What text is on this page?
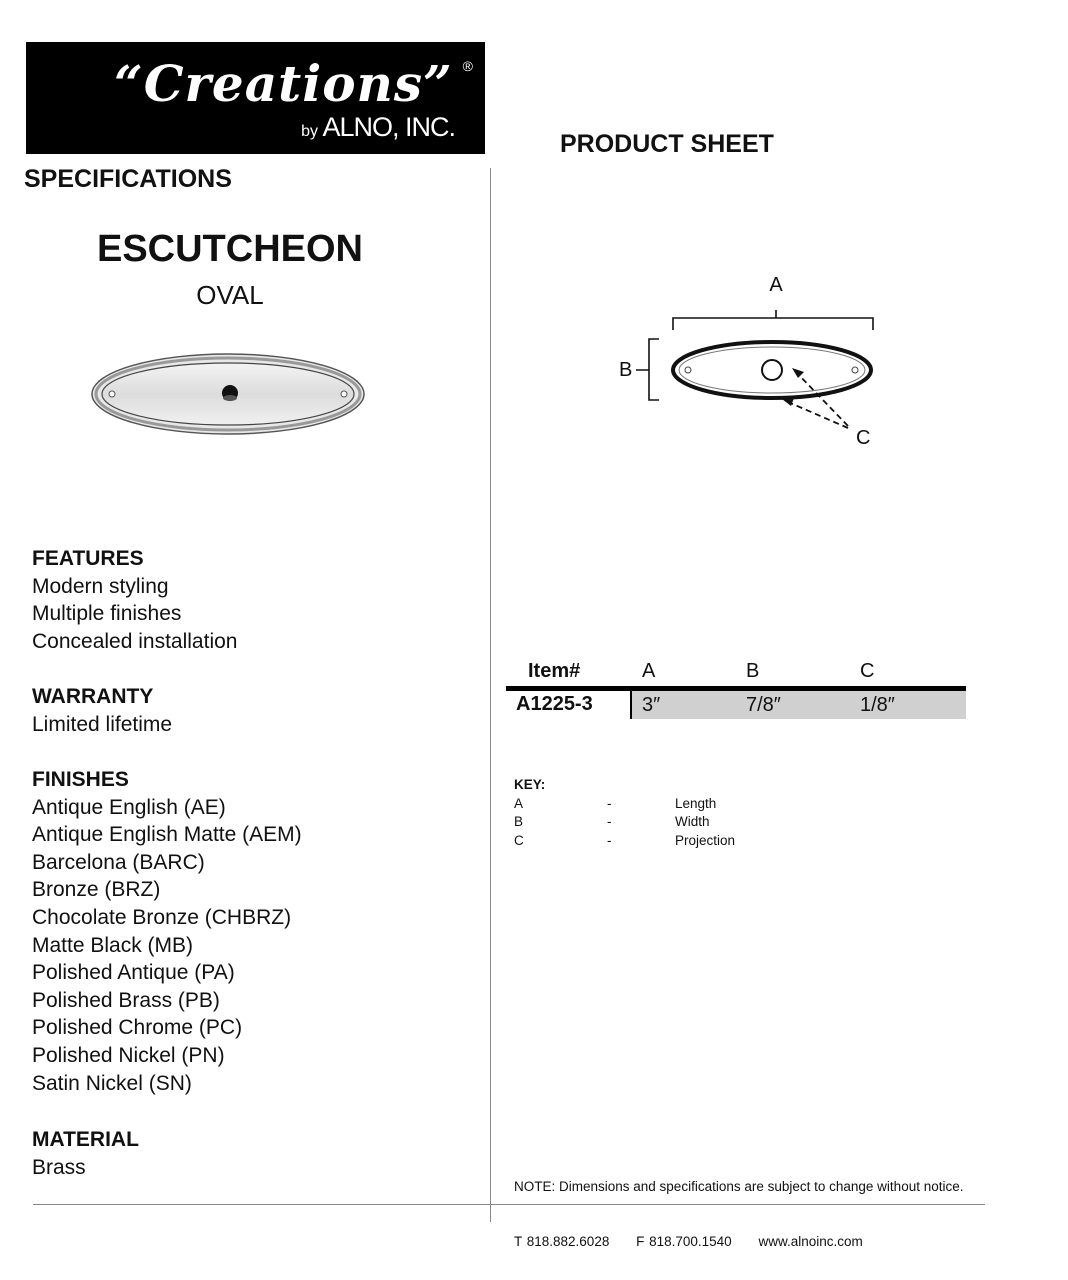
“Creations” ®
by ALNO, INC.
PRODUCT SHEET
SPECIFICATIONS
ESCUTCHEON
OVAL	A
B
C
FEATURES
Modern styling
Multiple finishes
Concealed installation
WARRANTY
Limited lifetime
FINISHES
Antique English (AE)
Antique English Matte (AEM)
Barcelona (BARC)
Bronze (BRZ)
Chocolate Bronze (CHBRZ)
Matte Black (MB)
Polished Antique (PA)
Polished Brass (PB)
Polished Chrome (PC)
Polished Nickel (PN)
Satin Nickel (SN)
MATERIAL
Brass
Item#	A	B	C
A1225-3 3″	7/8″	1/8″
KEY:
A	-	Length
B	-	Width
C	-	Projection
NOTE: Dimensions and specifications are subject to change without notice.
T 818.882.6028 F 818.700.1540 www.alnoinc.com
